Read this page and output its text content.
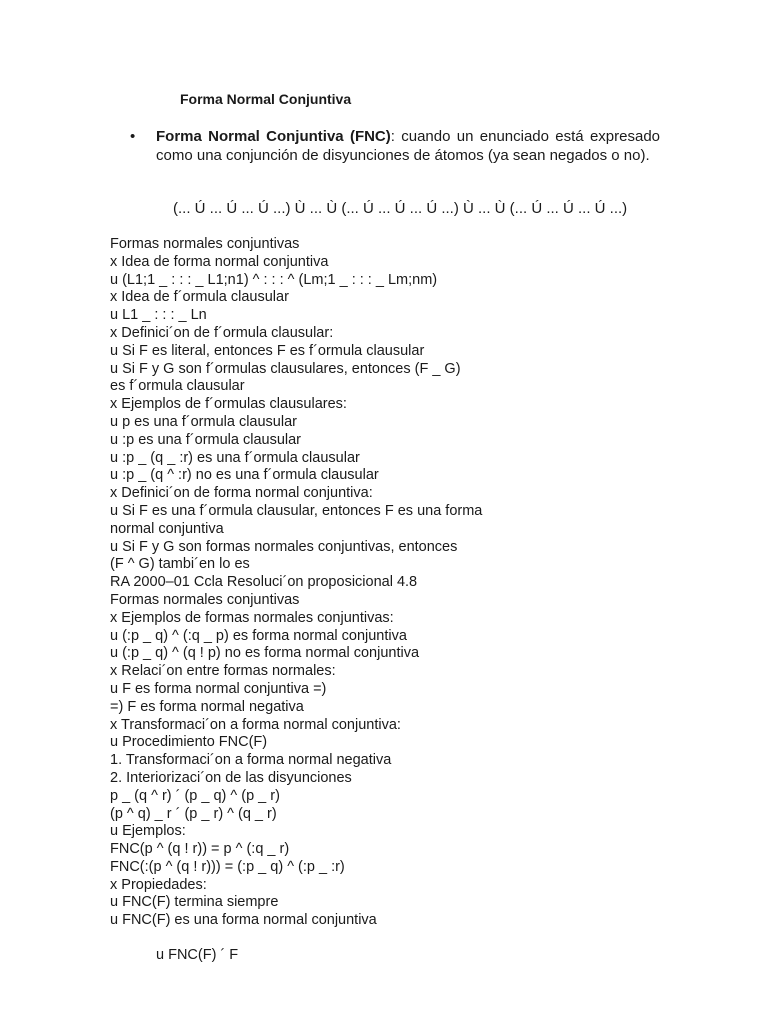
Forma Normal Conjuntiva
•	Forma Normal Conjuntiva (FNC): cuando un enunciado está expresado como una conjunción de disyunciones de átomos (ya sean negados o no).
(... Ú ... Ú ... Ú ...) Ù ... Ù (... Ú ... Ú ... Ú ...) Ù ... Ù (... Ú ... Ú ... Ú ...)
Formas normales conjuntivas
x Idea de forma normal conjuntiva
u (L1;1 _ : : : _ L1;n1) ^ : : : ^ (Lm;1 _ : : : _ Lm;nm)
x Idea de f´ormula clausular
u L1 _ : : : _ Ln
x Definici´on de f´ormula clausular:
u Si F es literal, entonces F es f´ormula clausular
u Si F y G son f´ormulas clausulares, entonces (F _ G)
es f´ormula clausular
x Ejemplos de f´ormulas clausulares:
u p es una f´ormula clausular
u :p es una f´ormula clausular
u :p _ (q _ :r) es una f´ormula clausular
u :p _ (q ^ :r) no es una f´ormula clausular
x Definici´on de forma normal conjuntiva:
u Si F es una f´ormula clausular, entonces F es una forma
normal conjuntiva
u Si F y G son formas normales conjuntivas, entonces
(F ^ G) tambi´en lo es
RA 2000–01 Ccla Resoluci´on proposicional 4.8
Formas normales conjuntivas
x Ejemplos de formas normales conjuntivas:
u (:p _ q) ^ (:q _ p) es forma normal conjuntiva
u (:p _ q) ^ (q ! p) no es forma normal conjuntiva
x Relaci´on entre formas normales:
u F es forma normal conjuntiva =)
=) F es forma normal negativa
x Transformaci´on a forma normal conjuntiva:
u Procedimiento FNC(F)
1. Transformaci´on a forma normal negativa
2. Interiorizaci´on de las disyunciones
p _ (q ^ r) ´ (p _ q) ^ (p _ r)
(p ^ q) _ r ´ (p _ r) ^ (q _ r)
u Ejemplos:
FNC(p ^ (q ! r)) = p ^ (:q _ r)
FNC(:(p ^ (q ! r))) = (:p _ q) ^ (:p _ :r)
x Propiedades:
u FNC(F) termina siempre
u FNC(F) es una forma normal conjuntiva
u FNC(F) ´ F
